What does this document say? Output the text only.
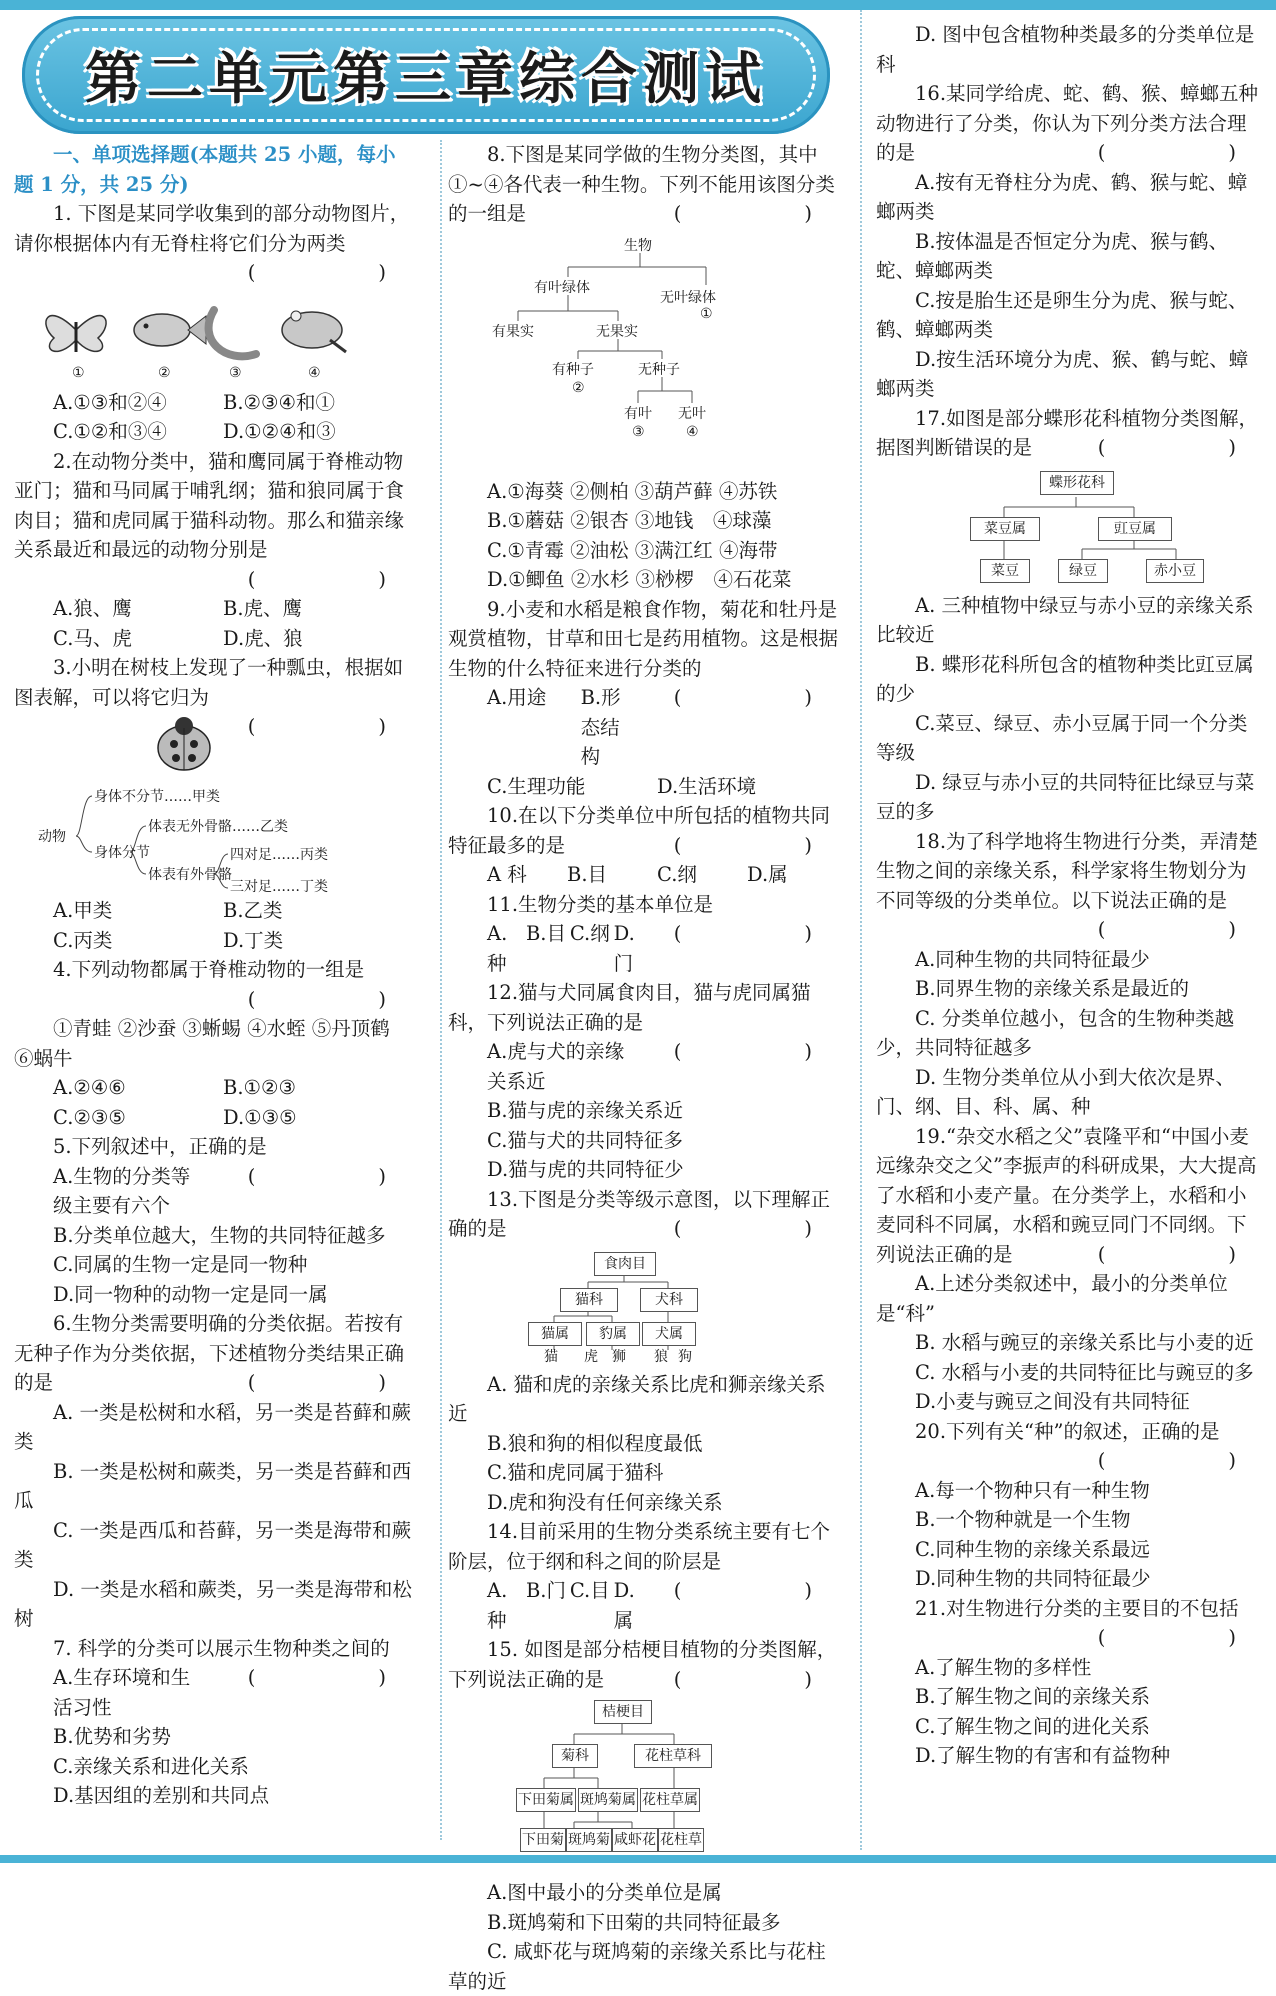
第二单元第三章综合测试

一、单项选择题(本题共 25 小题，每小题 1 分，共 25 分)

1. 下图是某同学收集到的部分动物图片，请你根据体内有无脊柱将它们分为两类

(　　)

①	②	③	④
A.①③和②④	B.②③④和①
C.①②和③④	D.①②④和③

2.在动物分类中，猫和鹰同属于脊椎动物亚门；猫和马同属于哺乳纲；猫和狼同属于食肉目；猫和虎同属于猫科动物。那么和猫亲缘关系最近和最远的动物分别是

(　　)

A.狼、鹰	B.虎、鹰
C.马、虎	D.虎、狼

3.小明在树枝上发现了一种瓢虫，根据如图表解，可以将它归为
(　　)

动物
身体不分节……甲类
身体分节
体表无外骨骼……乙类
体表有外骨骼
四对足……丙类
三对足……丁类
A.甲类	B.乙类
C.丙类	D.丁类

4.下列动物都属于脊椎动物的一组是

(　　)

①青蛙 ②沙蚕 ③蜥蜴 ④水蛭 ⑤丹顶鹤 ⑥蜗牛

A.②④⑥	B.①②③
C.②③⑤	D.①③⑤

5.下列叙述中，正确的是
(　　)

A.生物的分类等级主要有六个

B.分类单位越大，生物的共同特征越多

C.同属的生物一定是同一物种

D.同一物种的动物一定是同一属

6.生物分类需要明确的分类依据。若按有无种子作为分类依据，下述植物分类结果正确的是	(　　)

A. 一类是松树和水稻，另一类是苔藓和蕨类

B. 一类是松树和蕨类，另一类是苔藓和西瓜

C. 一类是西瓜和苔藓，另一类是海带和蕨类

D. 一类是水稻和蕨类，另一类是海带和松树

7. 科学的分类可以展示生物种类之间的
(　　)

A.生存环境和生活习性

B.优势和劣势

C.亲缘关系和进化关系

D.基因组的差别和共同点

8.下图是某同学做的生物分类图，其中①~④各代表一种生物。下列不能用该图分类的一组是	(　　)

生物
有叶绿体
无叶绿体
①
有果实	无果实
有种子
②
无种子
有叶
③
无叶
④

A.①海葵 ②侧柏 ③葫芦藓 ④苏铁

B.①蘑菇 ②银杏 ③地钱　④球藻

C.①青霉 ②油松 ③满江红 ④海带

D.①鲫鱼 ②水杉 ③桫椤　④石花菜

9.小麦和水稻是粮食作物，菊花和牡丹是观赏植物，甘草和田七是药用植物。这是根据生物的什么特征来进行分类的
(　　)

A.用途	B.形态结构
C.生理功能	D.生活环境

10.在以下分类单位中所包括的植物共同特征最多的是	(　　)

A 科	B.目	C.纲	D.属

11.生物分类的基本单位是
(　　)

A.种
B.目 C.纲 D.门

12.猫与犬同属食肉目，猫与虎同属猫科，下列说法正确的是
(　　)

A.虎与犬的亲缘关系近

B.猫与虎的亲缘关系近

C.猫与犬的共同特征多

D.猫与虎的共同特征少

13.下图是分类等级示意图，以下理解正确的是	(　　)

食肉目
猫科	犬科
猫属	豹属	犬属
猫 虎 狮 狼 狗

A. 猫和虎的亲缘关系比虎和狮亲缘关系近

B.狼和狗的相似程度最低

C.猫和虎同属于猫科

D.虎和狗没有任何亲缘关系

14.目前采用的生物分类系统主要有七个阶层，位于纲和科之间的阶层是
(　　)

A.种
B.门 C.目 D.属

15. 如图是部分桔梗目植物的分类图解，下列说法正确的是	(　　)

桔梗目
菊科	花柱草科
下田菊属 斑鸠菊属 花柱草属
下田菊 斑鸠菊 咸虾花 花柱草

A.图中最小的分类单位是属

B.斑鸠菊和下田菊的共同特征最多

C. 咸虾花与斑鸠菊的亲缘关系比与花柱草的近

D. 图中包含植物种类最多的分类单位是科

16.某同学给虎、蛇、鹤、猴、蟑螂五种动物进行了分类，你认为下列分类方法合理的是	(　　)

A.按有无脊柱分为虎、鹤、猴与蛇、蟑螂两类

B.按体温是否恒定分为虎、猴与鹤、蛇、蟑螂两类

C.按是胎生还是卵生分为虎、猴与蛇、鹤、蟑螂两类

D.按生活环境分为虎、猴、鹤与蛇、蟑螂两类

17.如图是部分蝶形花科植物分类图解，据图判断错误的是	(　　)

蝶形花科
菜豆属	豇豆属
菜豆	绿豆	赤小豆

A. 三种植物中绿豆与赤小豆的亲缘关系比较近

B. 蝶形花科所包含的植物种类比豇豆属的少

C.菜豆、绿豆、赤小豆属于同一个分类等级

D. 绿豆与赤小豆的共同特征比绿豆与菜豆的多

18.为了科学地将生物进行分类，弄清楚生物之间的亲缘关系，科学家将生物划分为不同等级的分类单位。以下说法正确的是

(　　)

A.同种生物的共同特征最少

B.同界生物的亲缘关系是最近的

C. 分类单位越小，包含的生物种类越少，共同特征越多

D. 生物分类单位从小到大依次是界、门、纲、目、科、属、种

19.“杂交水稻之父”袁隆平和“中国小麦远缘杂交之父”李振声的科研成果，大大提高了水稻和小麦产量。在分类学上，水稻和小麦同科不同属，水稻和豌豆同门不同纲。下列说法正确的是	(　　)

A.上述分类叙述中，最小的分类单位是“科”

B. 水稻与豌豆的亲缘关系比与小麦的近

C. 水稻与小麦的共同特征比与豌豆的多

D.小麦与豌豆之间没有共同特征

20.下列有关“种”的叙述，正确的是

(　　)

A.每一个物种只有一种生物

B.一个物种就是一个生物

C.同种生物的亲缘关系最远

D.同种生物的共同特征最少

21.对生物进行分类的主要目的不包括

(　　)

A.了解生物的多样性

B.了解生物之间的亲缘关系

C.了解生物之间的进化关系

D.了解生物的有害和有益物种
